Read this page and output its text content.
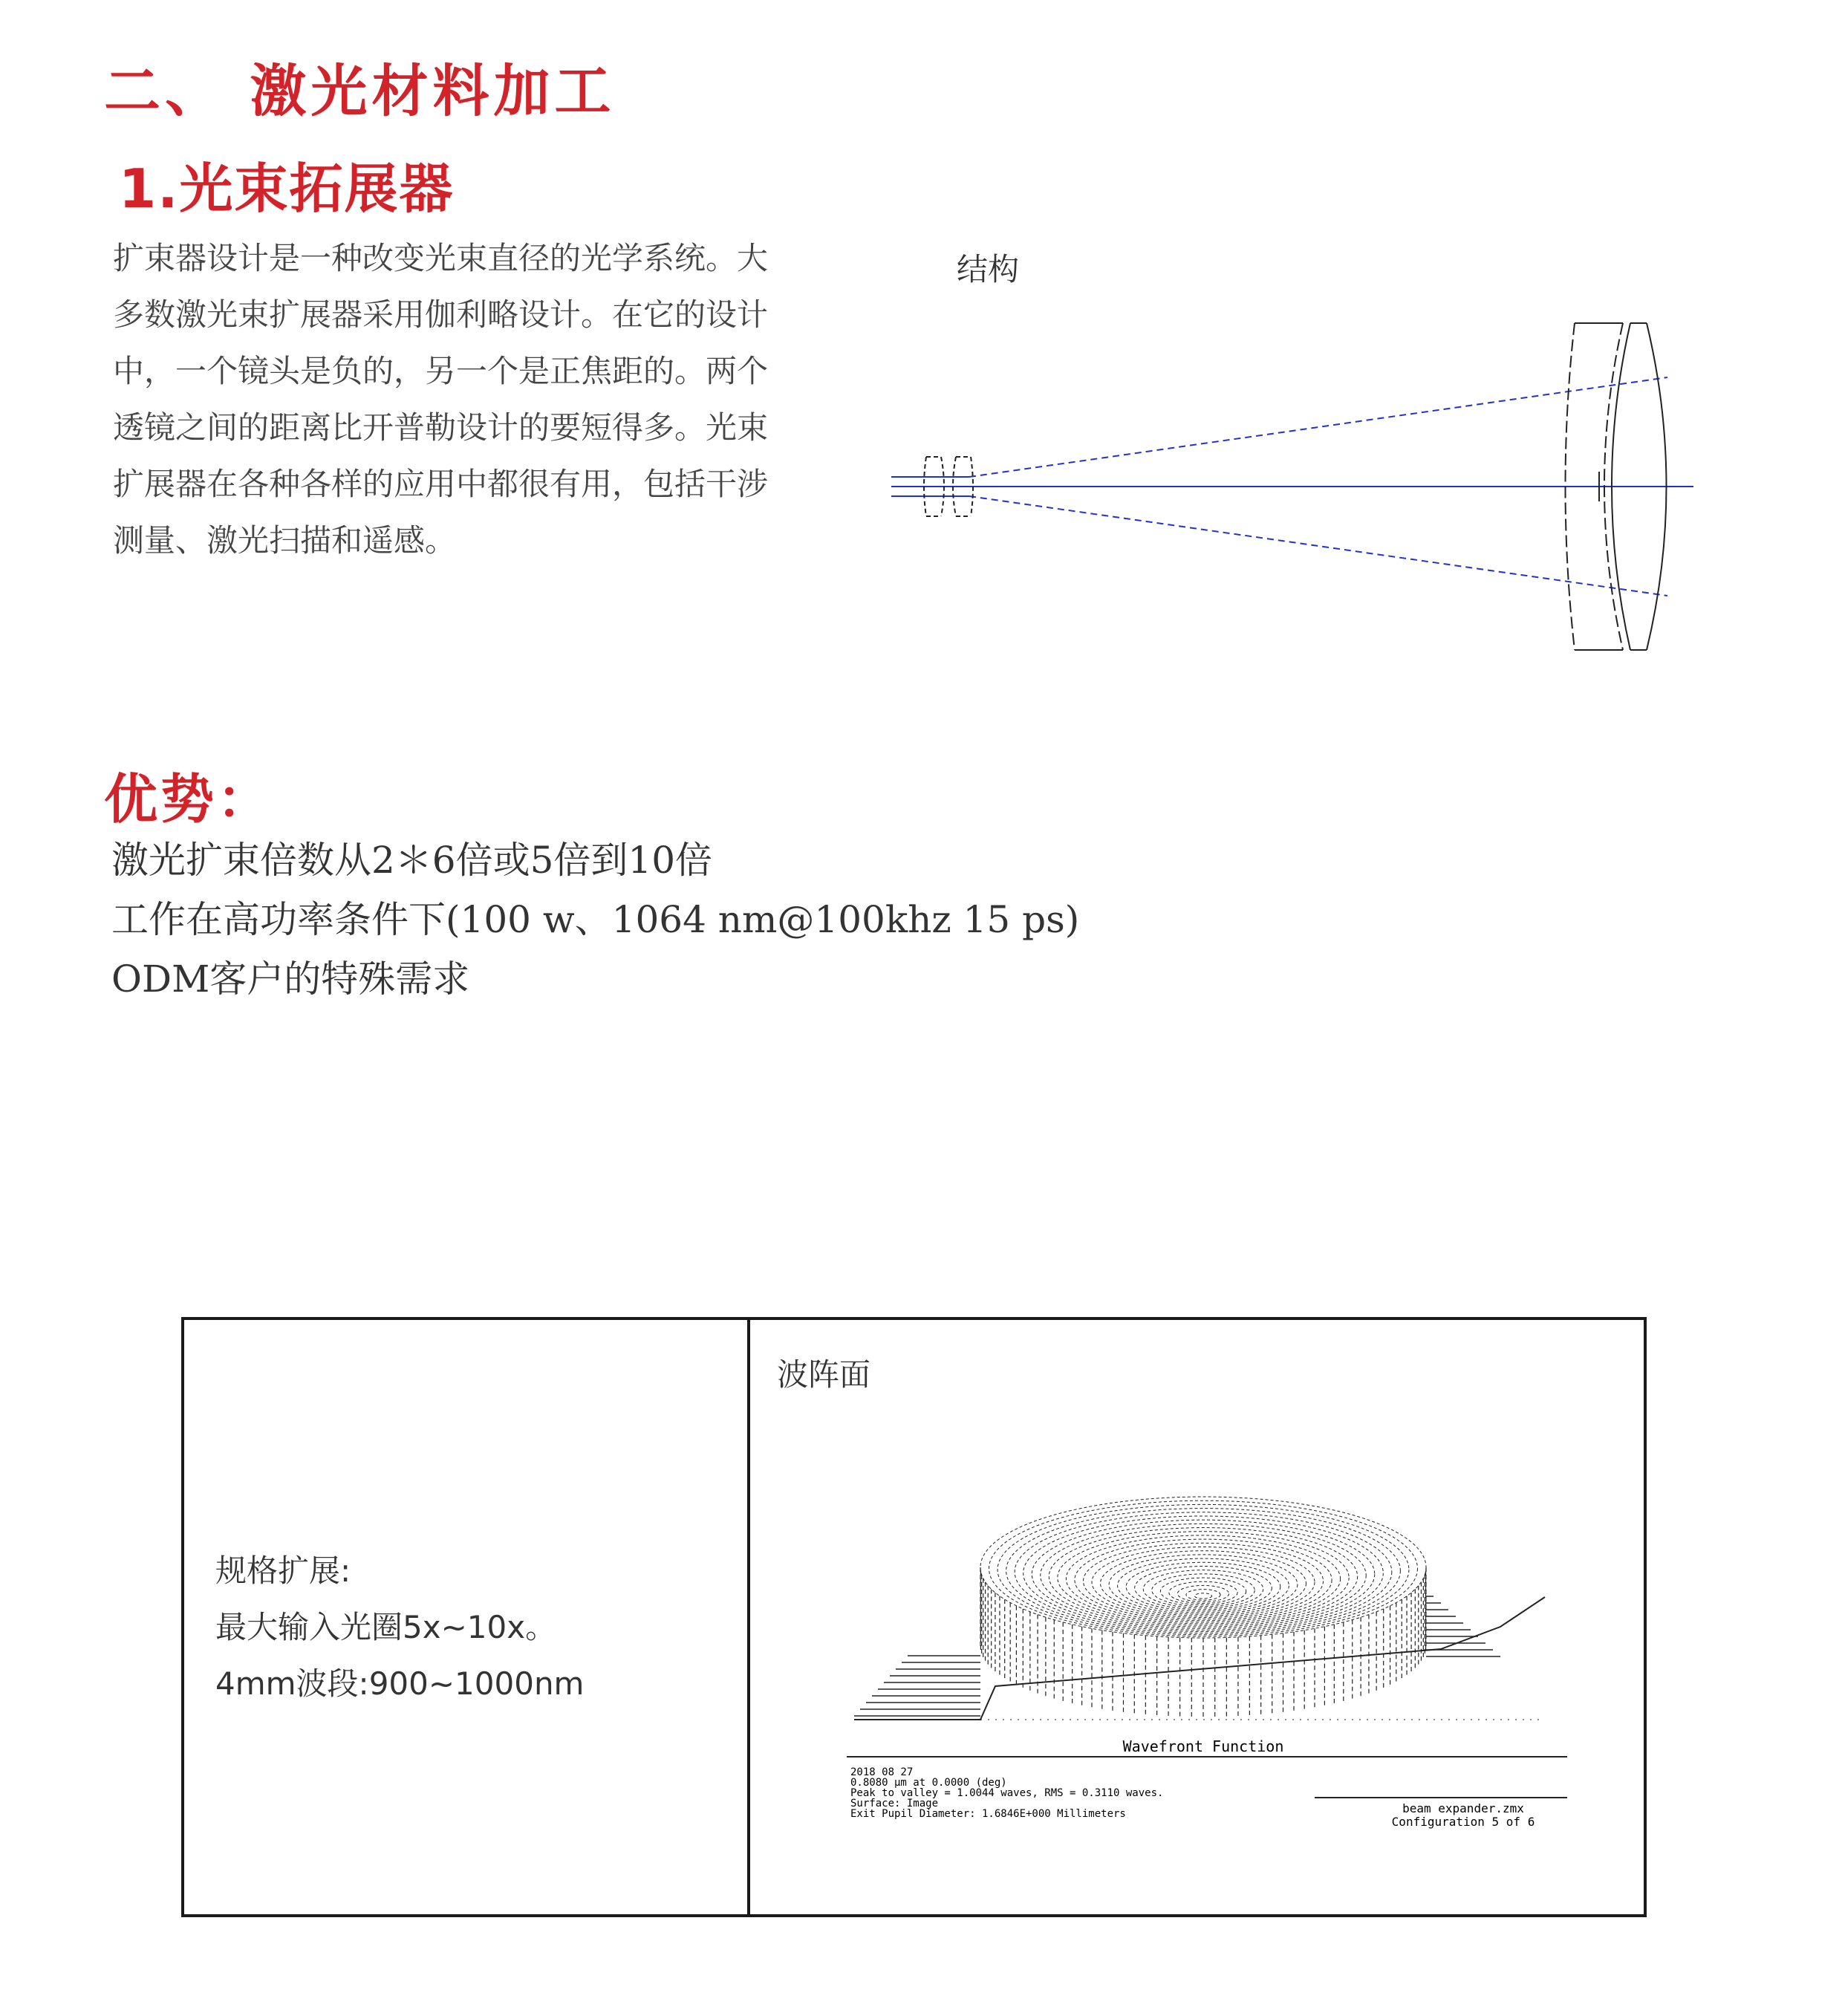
二、 激光材料加工
1.光束拓展器
扩束器设计是一种改变光束直径的光学系统。大
多数激光束扩展器采用伽利略设计。在它的设计
中，一个镜头是负的，另一个是正焦距的。两个
透镜之间的距离比开普勒设计的要短得多。光束
扩展器在各种各样的应用中都很有用，包括干涉
测量、激光扫描和遥感。
结构
优势：
激光扩束倍数从2＊6倍或5倍到10倍
工作在高功率条件下(100 w、1064 nm@100khz 15 ps)
ODM客户的特殊需求
规格扩展:
最大输入光圈5x~10x。
4mm波段:900~1000nm
波阵面
Wavefront Function
2018 08 27
0.8080 µm at 0.0000 (deg)
Peak to valley = 1.0044 waves, RMS = 0.3110 waves.
Surface: Image
Exit Pupil Diameter: 1.6846E+000 Millimeters	beam expander.zmx
Configuration 5 of 6
